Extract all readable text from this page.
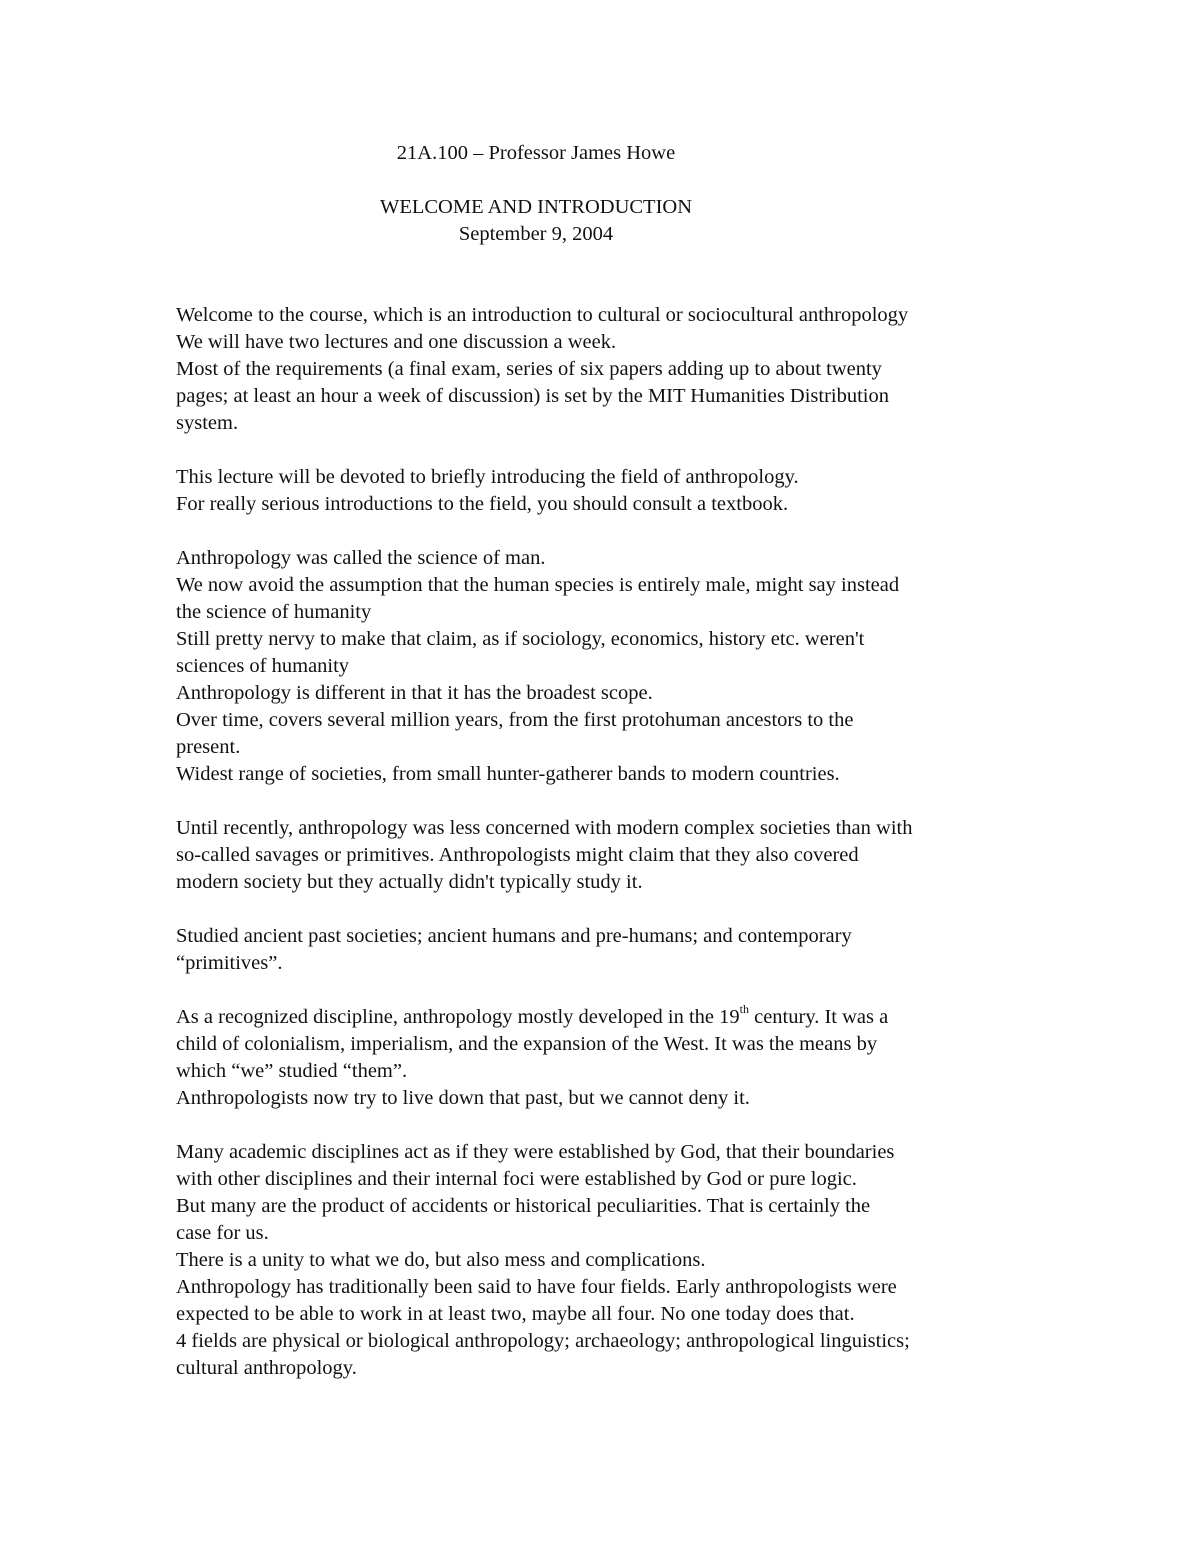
21A.100 – Professor James Howe
WELCOME AND INTRODUCTION
September 9, 2004
Welcome to the course, which is an introduction to cultural or sociocultural anthropology
We will have two lectures and one discussion a week.
Most of the requirements (a final exam, series of six papers adding up to about twenty
pages; at least an hour a week of discussion) is set by the MIT Humanities Distribution
system.
This lecture will be devoted to briefly introducing the field of anthropology.
For really serious introductions to the field, you should consult a textbook.
Anthropology was called the science of man.
We now avoid the assumption that the human species is entirely male, might say instead
the science of humanity
Still pretty nervy to make that claim, as if sociology, economics, history etc. weren't
sciences of humanity
Anthropology is different in that it has the broadest scope.
Over time, covers several million years, from the first protohuman ancestors to the
present.
Widest range of societies, from small hunter-gatherer bands to modern countries.
Until recently, anthropology was less concerned with modern complex societies than with
so-called savages or primitives. Anthropologists might claim that they also covered
modern society but they actually didn't typically study it.
Studied ancient past societies; ancient humans and pre-humans; and contemporary
“primitives”.
As a recognized discipline, anthropology mostly developed in the 19th century. It was a
child of colonialism, imperialism, and the expansion of the West. It was the means by
which “we” studied “them”.
Anthropologists now try to live down that past, but we cannot deny it.
Many academic disciplines act as if they were established by God, that their boundaries
with other disciplines and their internal foci were established by God or pure logic.
But many are the product of accidents or historical peculiarities. That is certainly the
case for us.
There is a unity to what we do, but also mess and complications.
Anthropology has traditionally been said to have four fields. Early anthropologists were
expected to be able to work in at least two, maybe all four. No one today does that.
4 fields are physical or biological anthropology; archaeology; anthropological linguistics;
cultural anthropology.
